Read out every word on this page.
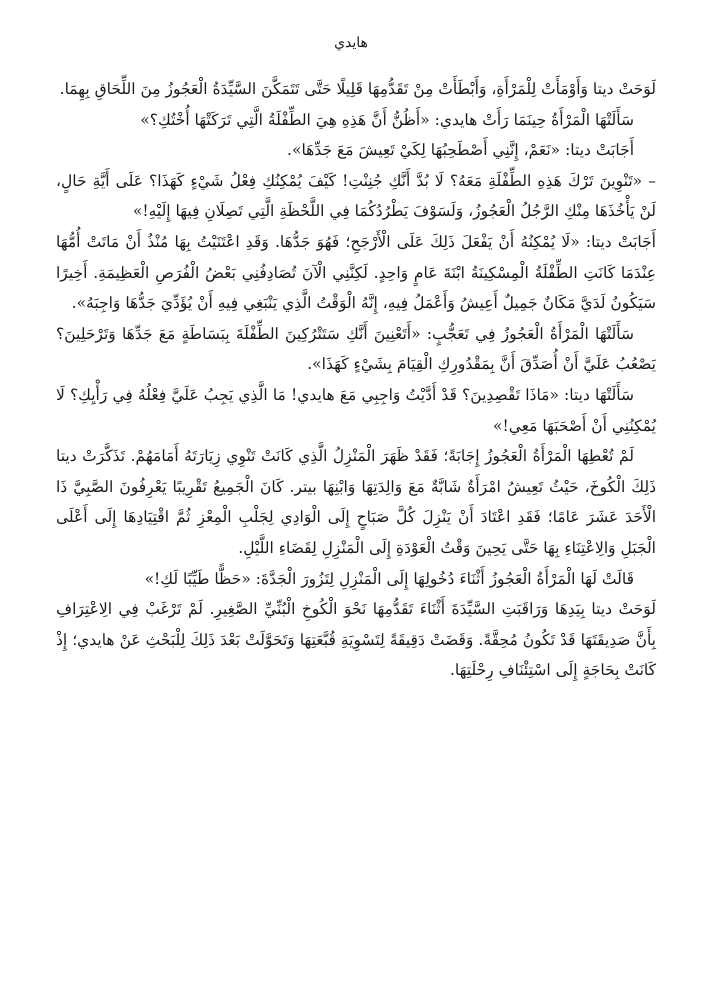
هايدي

لَوَحَتْ ديتا وَأَوْمَأَتْ لِلْمَرْأَةِ، وَأَبْطَأَتْ مِنْ تَقَدُّمِهَا قَلِيلًا حَتَّى تَتَمَكَّنَ السَّيِّدَةُ الْعَجُوزُ مِنَ اللِّحَاقِ بِهِمَا.

سَأَلَتْهَا الْمَرْأَةُ حِينَمَا رَأَتْ هايدي: «أَظُنُّ أَنَّ هَذِهِ هِيَ الطِّفْلَةُ الَّتِي تَرَكَتْهَا أُخْتُكِ؟»

أَجَابَتْ ديتا: «نَعَمْ، إِنَّنِي أَصْطَحِبُهَا لِكَيْ تَعِيشَ مَعَ جَدِّهَا».

– «تَنْوِينَ تَرْكَ هَذِهِ الطِّفْلَةِ مَعَهُ؟ لَا بُدَّ أَنَّكِ جُنِنْتِ! كَيْفَ يُمْكِنُكِ فِعْلُ شَيْءٍ كَهَذَا؟ عَلَى أَيَّةِ حَالٍ، لَنْ يَأْخُذَهَا مِنْكِ الرَّجُلُ الْعَجُوزُ، وَلَسَوْفَ يَطْرُدُكُمَا فِي اللَّحْظَةِ الَّتِي تَصِلَانِ فِيهَا إِلَيْهِ!»

أَجَابَتْ ديتا: «لَا يُمْكِنُهُ أَنْ يَفْعَلَ ذَلِكَ عَلَى الْأَرْجَحِ؛ فَهُوَ جَدُّهَا. وَقَدِ اعْتَنَيْتُ بِهَا مُنْذُ أَنْ مَاتَتْ أُمُّهَا عِنْدَمَا كَانَتِ الطِّفْلَةُ الْمِسْكِينَةُ ابْنَةَ عَامٍ وَاحِدٍ. لَكِنَّنِي الْآنَ تُصَادِفُنِي بَعْضُ الْفُرَصِ الْعَظِيمَةِ. أَخِيرًا سَيَكُونُ لَدَيَّ مَكَانٌ جَمِيلٌ أَعِيشُ وَأَعْمَلُ فِيهِ، إِنَّهُ الْوَقْتُ الَّذِي يَنْبَغِي فِيهِ أَنْ يُؤَدِّيَ جَدُّهَا وَاجِبَهُ».

سَأَلَتْهَا الْمَرْأَةُ الْعَجُوزُ فِي تَعَجُّبٍ: «أَتَعْنِينَ أَنَّكِ سَتَتْرُكِينَ الطِّفْلَةَ بِبَسَاطَةٍ مَعَ جَدِّهَا وَتَرْحَلِينَ؟ يَصْعُبُ عَلَيَّ أَنْ أُصَدِّقَ أَنَّ بِمَقْدُورِكِ الْقِيَامَ بِشَيْءٍ كَهَذَا».

سَأَلَتْهَا ديتا: «مَاذَا تَقْصِدِينَ؟ قَدْ أَدَّيْتُ وَاجِبِي مَعَ هايدي! مَا الَّذِي يَجِبُ عَلَيَّ فِعْلُهُ فِي رَأْيِكِ؟ لَا يُمْكِنُنِي أَنْ أَصْحَبَهَا مَعِي!»

لَمْ تُعْطِهَا الْمَرْأَةُ الْعَجُوزُ إِجَابَةً؛ فَقَدْ ظَهَرَ الْمَنْزِلُ الَّذِي كَانَتْ تَنْوِي زِيَارَتَهُ أَمَامَهُمْ. تَذَكَّرَتْ ديتا ذَلِكَ الْكُوخَ، حَيْثُ تَعِيشُ امْرَأَةٌ شَابَّةٌ مَعَ وَالِدَتِهَا وَابْنِهَا بيتر. كَانَ الْجَمِيعُ تَقْرِيبًا يَعْرِفُونَ الصَّبِيَّ ذَا الْأَحَدَ عَشَرَ عَامًا؛ فَقَدِ اعْتَادَ أَنْ يَنْزِلَ كُلَّ صَبَاحٍ إِلَى الْوَادِي لِجَلْبِ الْمِعْزِ ثُمَّ اقْتِيَادِهَا إِلَى أَعْلَى الْجَبَلِ وَالِاعْتِنَاءِ بِهَا حَتَّى يَحِينَ وَقْتُ الْعَوْدَةِ إِلَى الْمَنْزِلِ لِقَضَاءِ اللَّيْلِ.

قَالَتْ لَهَا الْمَرْأَةُ الْعَجُوزُ أَثْنَاءَ دُخُولِهَا إِلَى الْمَنْزِلِ لِتَزُورَ الْجَدَّةَ: «حَظًّا طَيِّبًا لَكِ!»

لَوَحَتْ ديتا بِيَدِهَا وَرَاقَبَتِ السَّيِّدَةَ أَثْنَاءَ تَقَدُّمِهَا نَحْوَ الْكُوخِ الْبُنِّيِّ الصَّغِيرِ. لَمْ تَرْغَبْ فِي الِاعْتِرَافِ بِأَنَّ صَدِيقَتَهَا قَدْ تَكُونُ مُحِقَّةً. وَقَضَتْ دَقِيقَةً لِتَسْوِيَةِ قُبَّعَتِهَا وَتَحَوَّلَتْ بَعْدَ ذَلِكَ لِلْبَحْثِ عَنْ هايدي؛ إِذْ كَانَتْ بِحَاجَةٍ إِلَى اسْتِئْنَافِ رِحْلَتِهَا.
